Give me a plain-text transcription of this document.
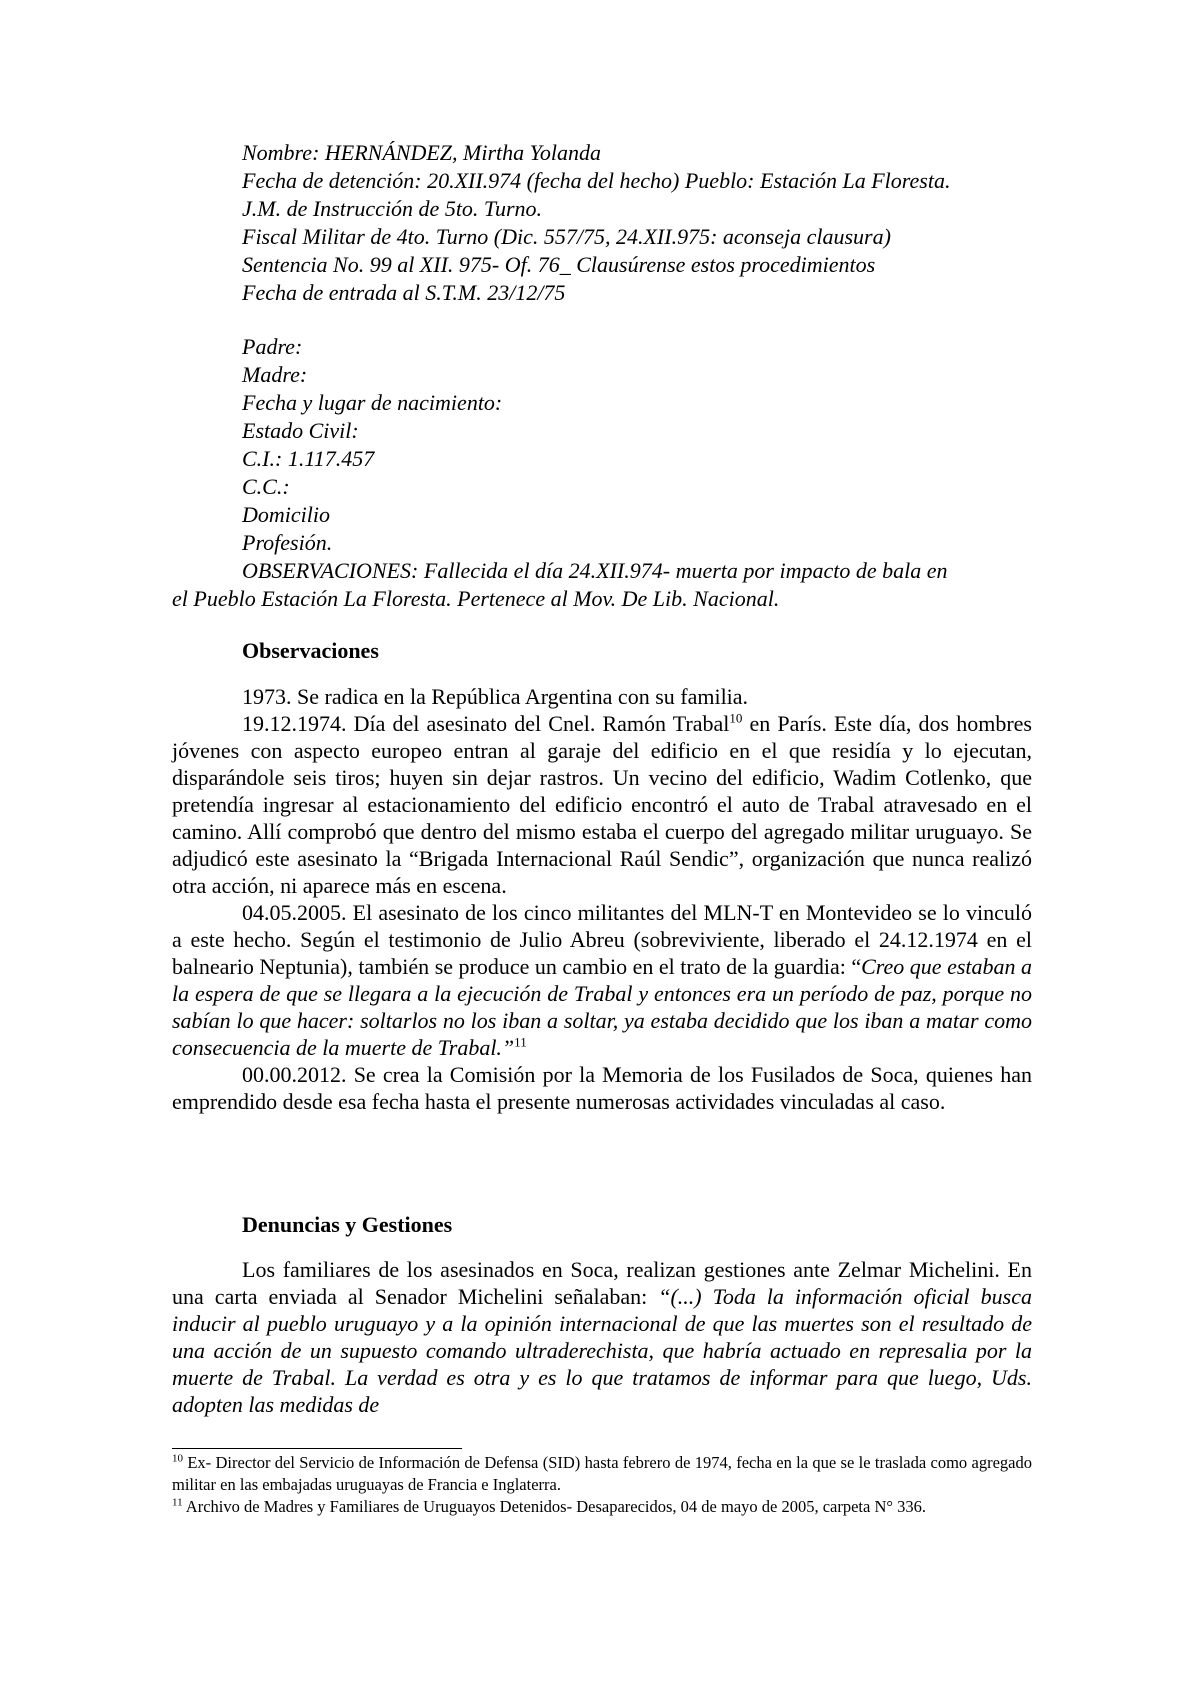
Nombre: HERNÁNDEZ, Mirtha Yolanda
Fecha de detención: 20.XII.974 (fecha del hecho) Pueblo: Estación La Floresta.
J.M. de Instrucción de 5to. Turno.
Fiscal Militar de 4to. Turno (Dic. 557/75, 24.XII.975: aconseja clausura)
Sentencia No. 99 al XII. 975- Of. 76_ Clausúrense estos procedimientos
Fecha de entrada al S.T.M. 23/12/75
Padre:
Madre:
Fecha y lugar de nacimiento:
Estado Civil:
C.I.: 1.117.457
C.C.:
Domicilio
Profesión.
OBSERVACIONES: Fallecida el día 24.XII.974- muerta por impacto de bala en
el Pueblo Estación La Floresta. Pertenece al Mov. De Lib. Nacional.
Observaciones

1973. Se radica en la República Argentina con su familia.

19.12.1974. Día del asesinato del Cnel. Ramón Trabal$^{10}$ en París. Este día, dos hombres jóvenes con aspecto europeo entran al garaje del edificio en el que residía y lo ejecutan, disparándole seis tiros; huyen sin dejar rastros. Un vecino del edificio, Wadim Cotlenko, que pretendía ingresar al estacionamiento del edificio encontró el auto de Trabal atravesado en el camino. Allí comprobó que dentro del mismo estaba el cuerpo del agregado militar uruguayo. Se adjudicó este asesinato la “Brigada Internacional Raúl Sendic”, organización que nunca realizó otra acción, ni aparece más en escena.

04.05.2005. El asesinato de los cinco militantes del MLN-T en Montevideo se lo vinculó a este hecho. Según el testimonio de Julio Abreu (sobreviviente, liberado el 24.12.1974 en el balneario Neptunia), también se produce un cambio en el trato de la guardia: “Creo que estaban a la espera de que se llegara a la ejecución de Trabal y entonces era un período de paz, porque no sabían lo que hacer: soltarlos no los iban a soltar, ya estaba decidido que los iban a matar como consecuencia de la muerte de Trabal.”$^{11}$

00.00.2012. Se crea la Comisión por la Memoria de los Fusilados de Soca, quienes han emprendido desde esa fecha hasta el presente numerosas actividades vinculadas al caso.

Denuncias y Gestiones

Los familiares de los asesinados en Soca, realizan gestiones ante Zelmar Michelini. En una carta enviada al Senador Michelini señalaban: “(...) Toda la información oficial busca inducir al pueblo uruguayo y a la opinión internacional de que las muertes son el resultado de una acción de un supuesto comando ultraderechista, que habría actuado en represalia por la muerte de Trabal. La verdad es otra y es lo que tratamos de informar para que luego, Uds. adopten las medidas de

$^{10}$ Ex- Director del Servicio de Información de Defensa (SID) hasta febrero de 1974, fecha en la que se le traslada como agregado militar en las embajadas uruguayas de Francia e Inglaterra.
$^{11}$ Archivo de Madres y Familiares de Uruguayos Detenidos- Desaparecidos, 04 de mayo de 2005, carpeta N° 336.
